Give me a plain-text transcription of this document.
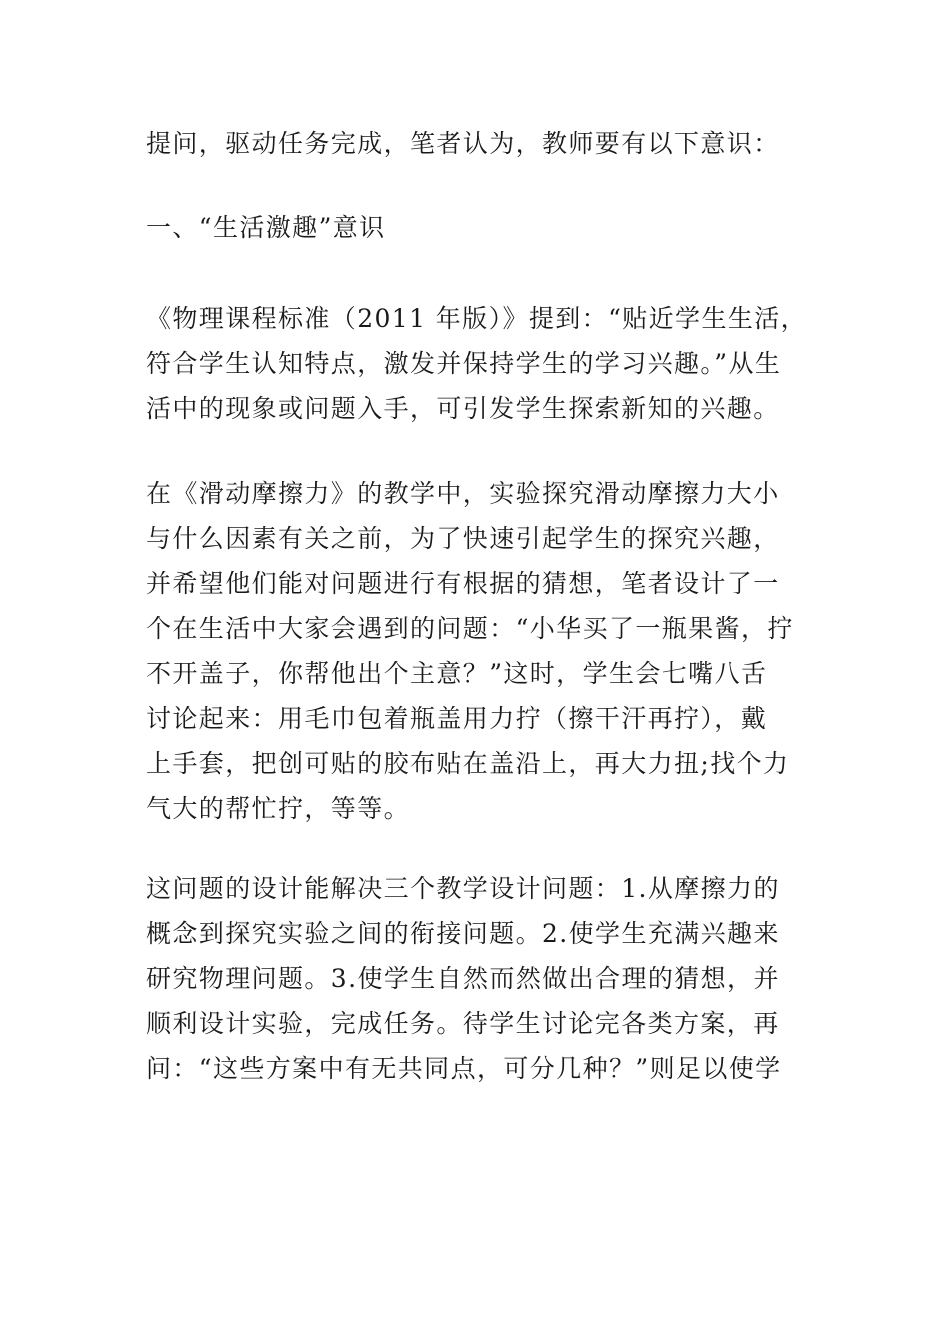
提问，驱动任务完成，笔者认为，教师要有以下意识：
一、“生活激趣”意识
《物理课程标准（2011 年版）》提到：“贴近学生生活，
符合学生认知特点，激发并保持学生的学习兴趣。”从生
活中的现象或问题入手，可引发学生探索新知的兴趣。
在《滑动摩擦力》的教学中，实验探究滑动摩擦力大小
与什么因素有关之前，为了快速引起学生的探究兴趣，
并希望他们能对问题进行有根据的猜想，笔者设计了一
个在生活中大家会遇到的问题：“小华买了一瓶果酱，拧
不开盖子，你帮他出个主意？”这时，学生会七嘴八舌
讨论起来：用毛巾包着瓶盖用力拧（擦干汗再拧），戴
上手套，把创可贴的胶布贴在盖沿上，再大力扭;找个力
气大的帮忙拧，等等。
这问题的设计能解决三个教学设计问题：1.从摩擦力的
概念到探究实验之间的衔接问题。2.使学生充满兴趣来
研究物理问题。3.使学生自然而然做出合理的猜想，并
顺利设计实验，完成任务。待学生讨论完各类方案，再
问：“这些方案中有无共同点，可分几种？”则足以使学
